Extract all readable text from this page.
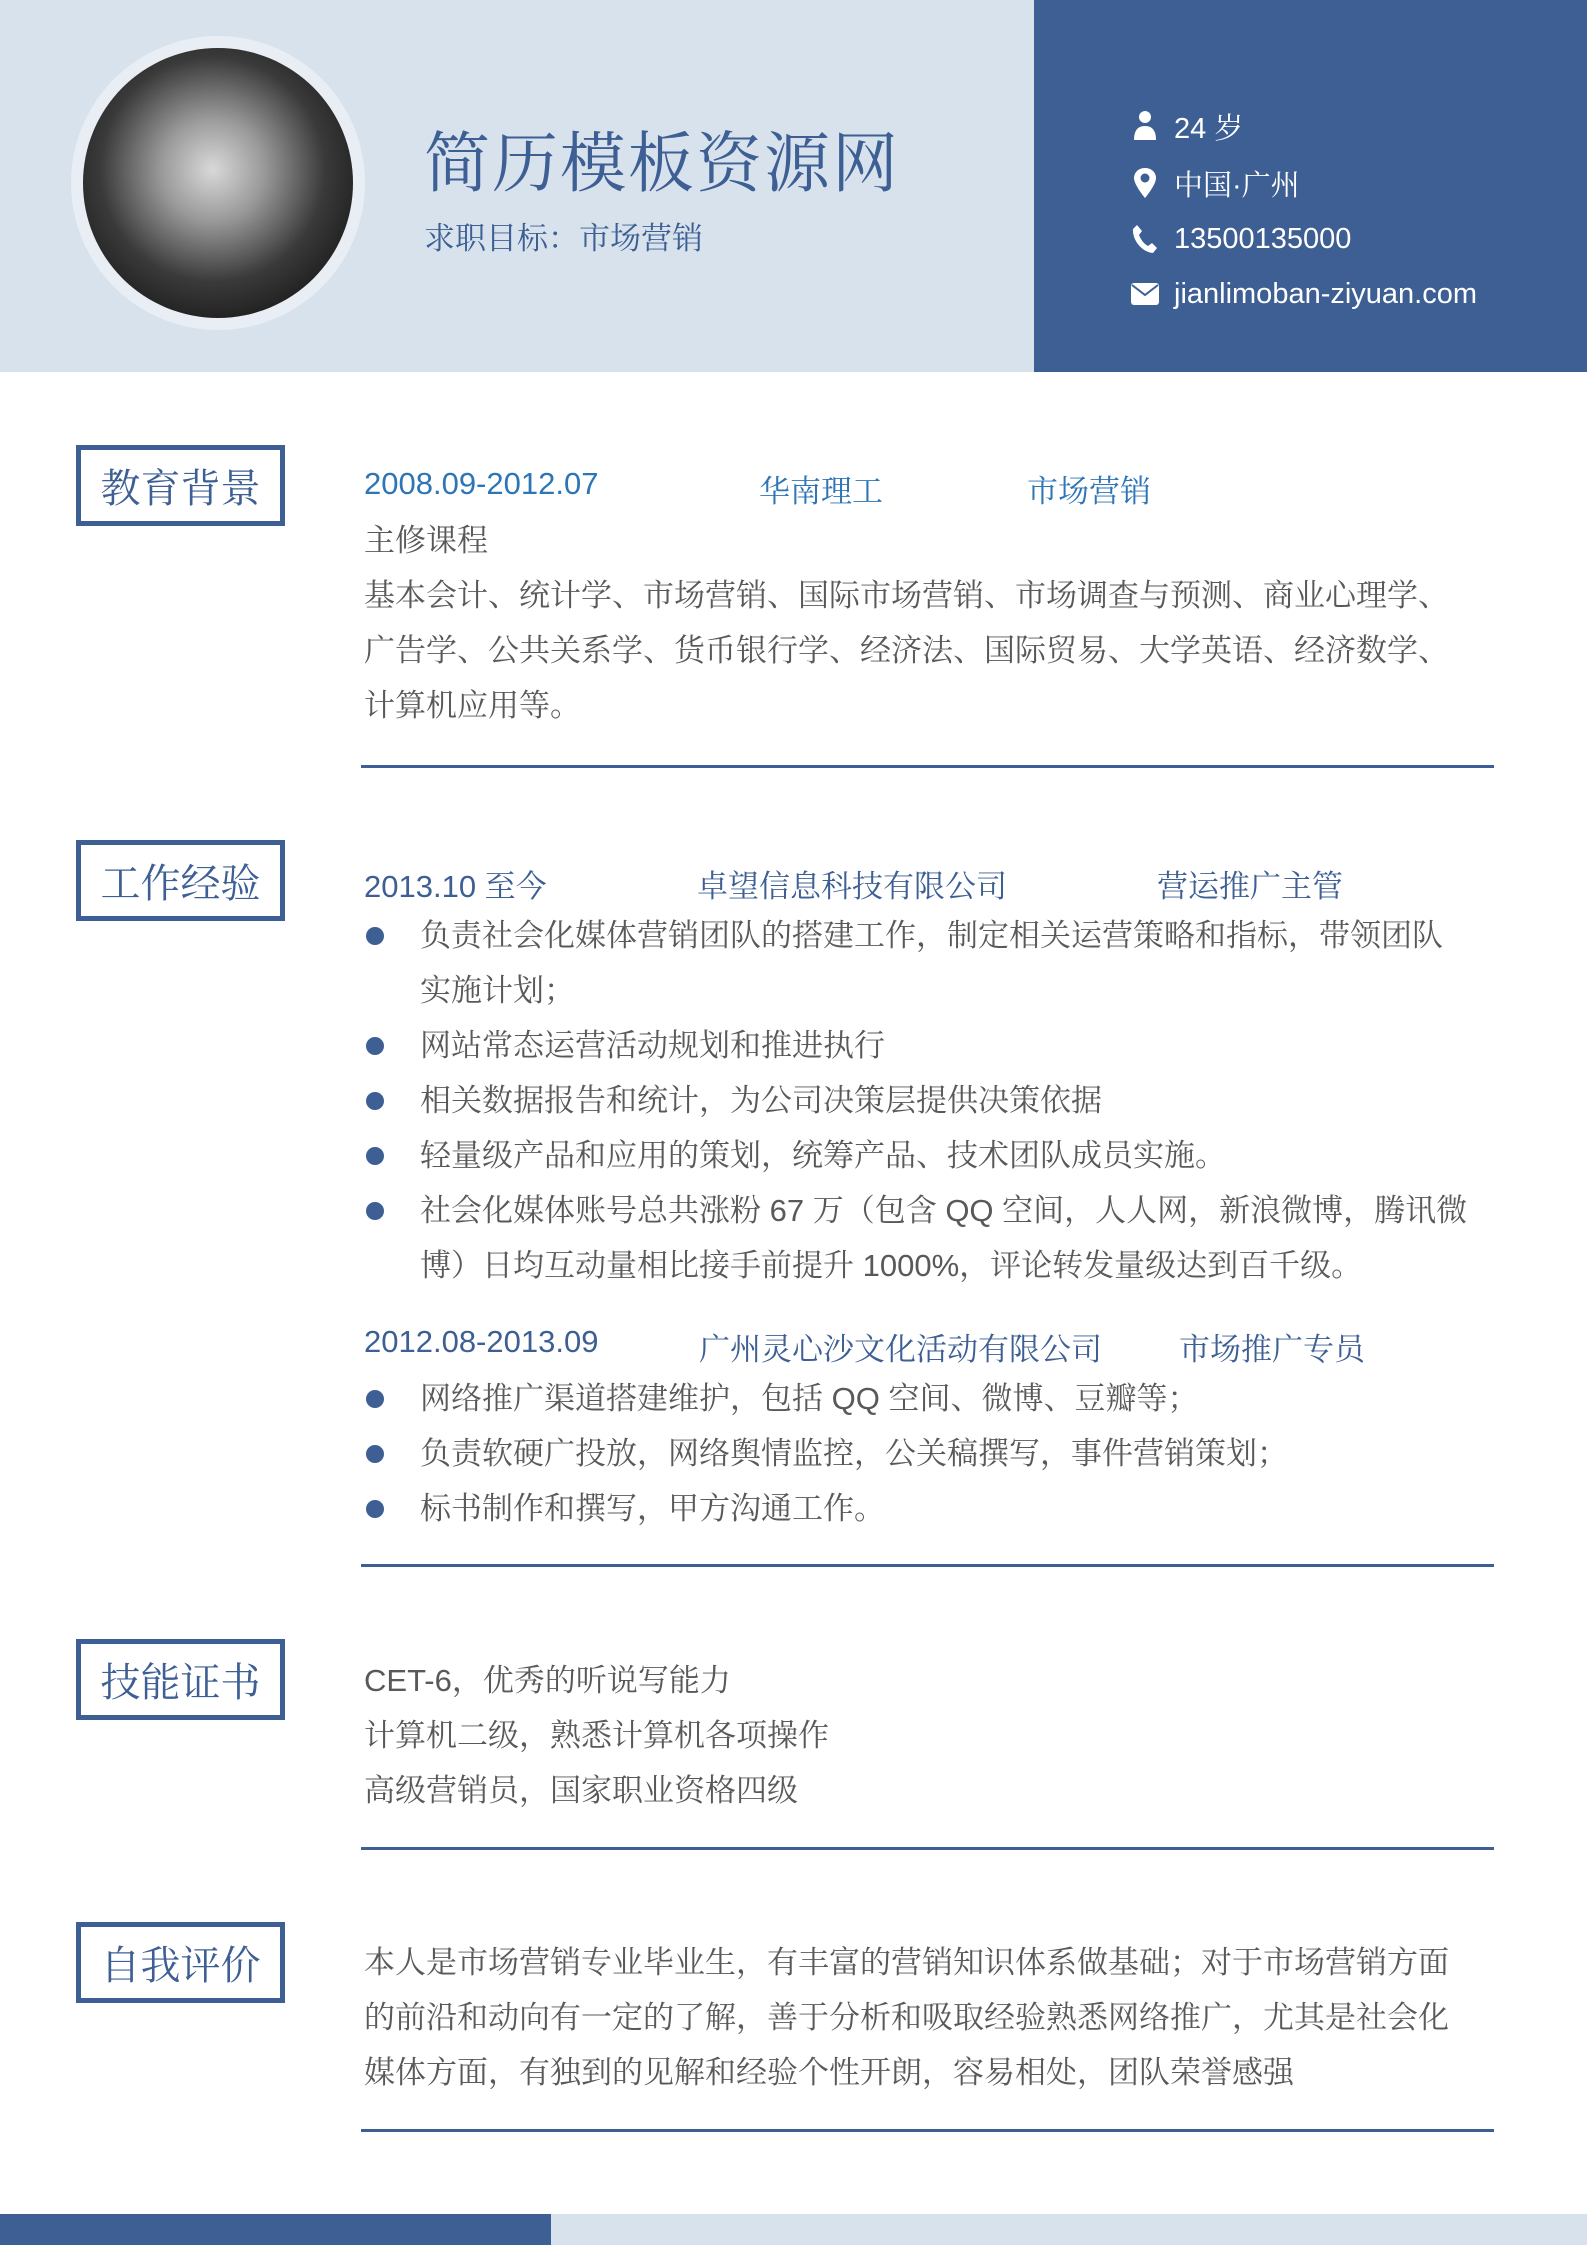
简历模板资源网
求职目标：市场营销
24 岁
中国·广州
13500135000
jianlimoban-ziyuan.com
教育背景	2008.09-2012.07	华南理工	市场营销
主修课程
基本会计、统计学、市场营销、国际市场营销、市场调查与预测、商业心理学、
广告学、公共关系学、货币银行学、经济法、国际贸易、大学英语、经济数学、
计算机应用等。
工作经验	2013.10 至今	卓望信息科技有限公司	营运推广主管
负责社会化媒体营销团队的搭建工作，制定相关运营策略和指标，带领团队
实施计划；
网站常态运营活动规划和推进执行
相关数据报告和统计，为公司决策层提供决策依据
轻量级产品和应用的策划，统筹产品、技术团队成员实施。
社会化媒体账号总共涨粉 67 万（包含 QQ 空间，人人网，新浪微博，腾讯微
博）日均互动量相比接手前提升 1000%，评论转发量级达到百千级。
2012.08-2013.09	广州灵心沙文化活动有限公司 市场推广专员
网络推广渠道搭建维护，包括 QQ 空间、微博、豆瓣等；
负责软硬广投放，网络舆情监控，公关稿撰写，事件营销策划；
标书制作和撰写，甲方沟通工作。
技能证书	CET-6，优秀的听说写能力
计算机二级，熟悉计算机各项操作
高级营销员，国家职业资格四级
自我评价	本人是市场营销专业毕业生，有丰富的营销知识体系做基础；对于市场营销方面
的前沿和动向有一定的了解，善于分析和吸取经验熟悉网络推广，尤其是社会化
媒体方面，有独到的见解和经验个性开朗，容易相处，团队荣誉感强
